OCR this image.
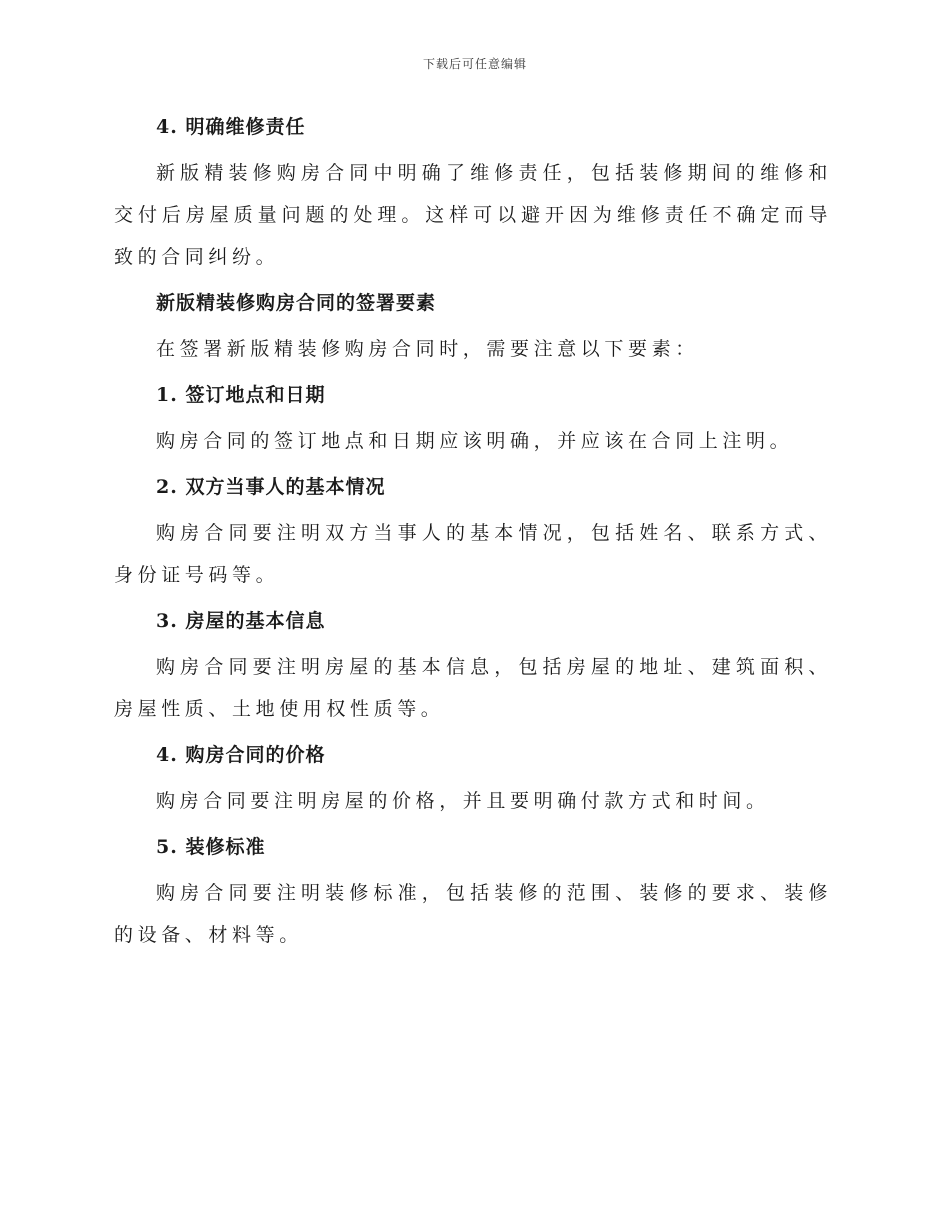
下载后可任意编辑
4. 明确维修责任

新版精装修购房合同中明确了维修责任，包括装修期间的维修和交付后房屋质量问题的处理。这样可以避开因为维修责任不确定而导致的合同纠纷。

新版精装修购房合同的签署要素

在签署新版精装修购房合同时，需要注意以下要素：

1. 签订地点和日期

购房合同的签订地点和日期应该明确，并应该在合同上注明。

2. 双方当事人的基本情况

购房合同要注明双方当事人的基本情况，包括姓名、联系方式、身份证号码等。

3. 房屋的基本信息

购房合同要注明房屋的基本信息，包括房屋的地址、建筑面积、房屋性质、土地使用权性质等。

4. 购房合同的价格

购房合同要注明房屋的价格，并且要明确付款方式和时间。

5. 装修标准

购房合同要注明装修标准，包括装修的范围、装修的要求、装修的设备、材料等。
